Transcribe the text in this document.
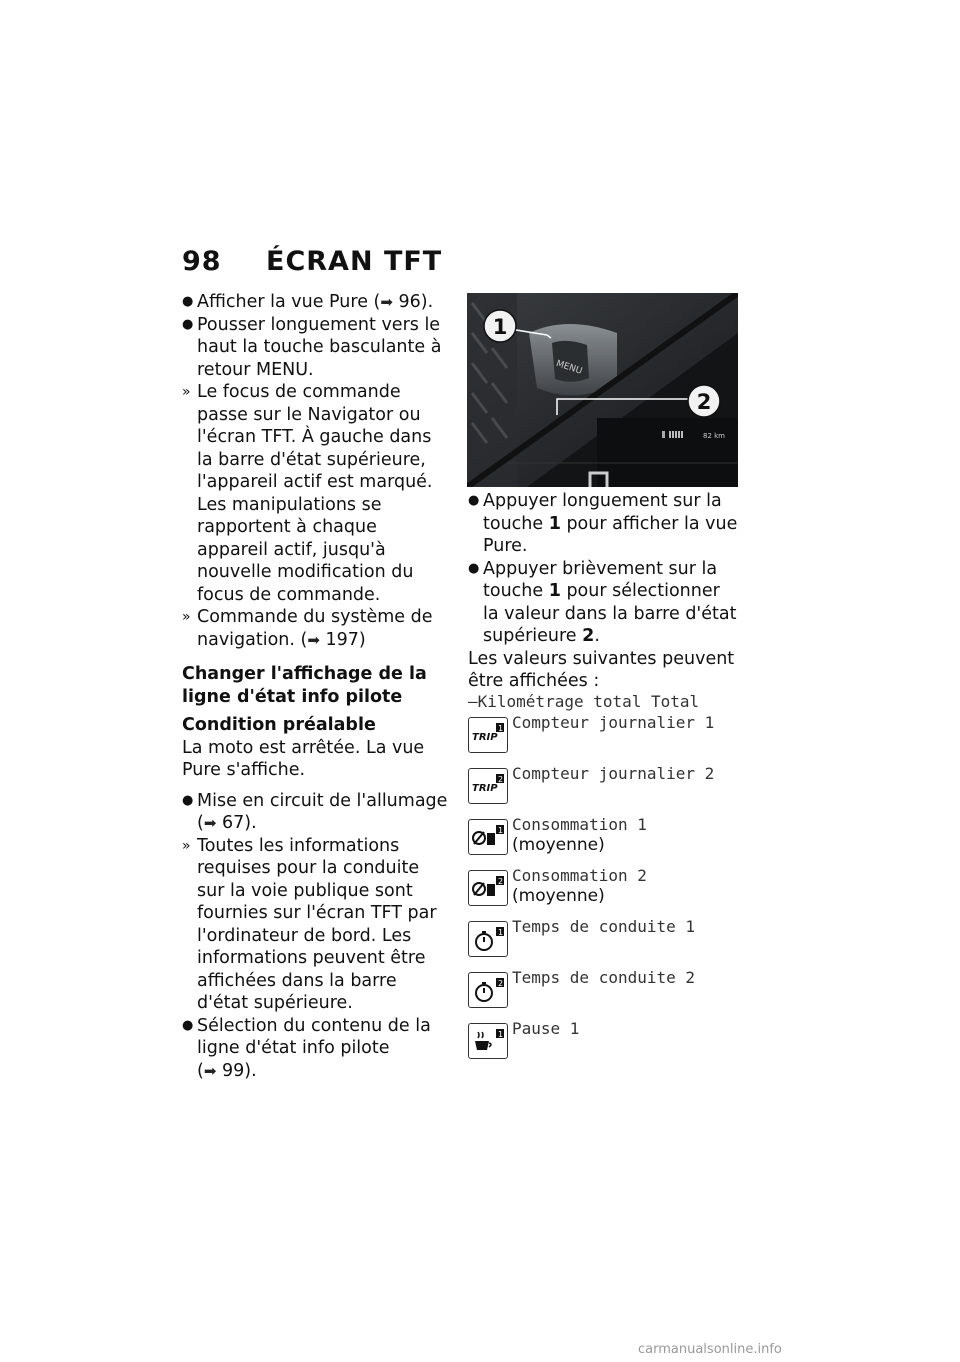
98 ÉCRAN TFT
● Afficher la vue Pure (➡ 96).
● Pousser longuement vers le haut la touche basculante à retour MENU.
» Le focus de commande passe sur le Navigator ou l'écran TFT. À gauche dans la barre d'état supérieure, l'appareil actif est marqué. Les manipulations se rapportent à chaque appareil actif, jusqu'à nouvelle modification du focus de commande.
» Commande du système de navigation. (➡ 197)
Changer l'affichage de la ligne d'état info pilote
Condition préalable
La moto est arrêtée. La vue Pure s'affiche.
● Mise en circuit de l'allumage (➡ 67).
» Toutes les informations requises pour la conduite sur la voie publique sont fournies sur l'écran TFT par l'ordinateur de bord. Les informations peuvent être affichées dans la barre d'état supérieure.
● Sélection du contenu de la ligne d'état info pilote (➡ 99).
MENU
82 km
1
2
● Appuyer longuement sur la touche 1 pour afficher la vue Pure.
● Appuyer brièvement sur la touche 1 pour sélectionner la valeur dans la barre d'état supérieure 2.
Les valeurs suivantes peuvent être affichées :
—Kilométrage total Total
TRIP
1 Compteur journalier 1
TRIP
2 Compteur journalier 2
1 Consommation 1
(moyenne)
2 Consommation 2
(moyenne)
1 Temps de conduite 1
2 Temps de conduite 2
1 Pause 1
carmanualsonline.info
